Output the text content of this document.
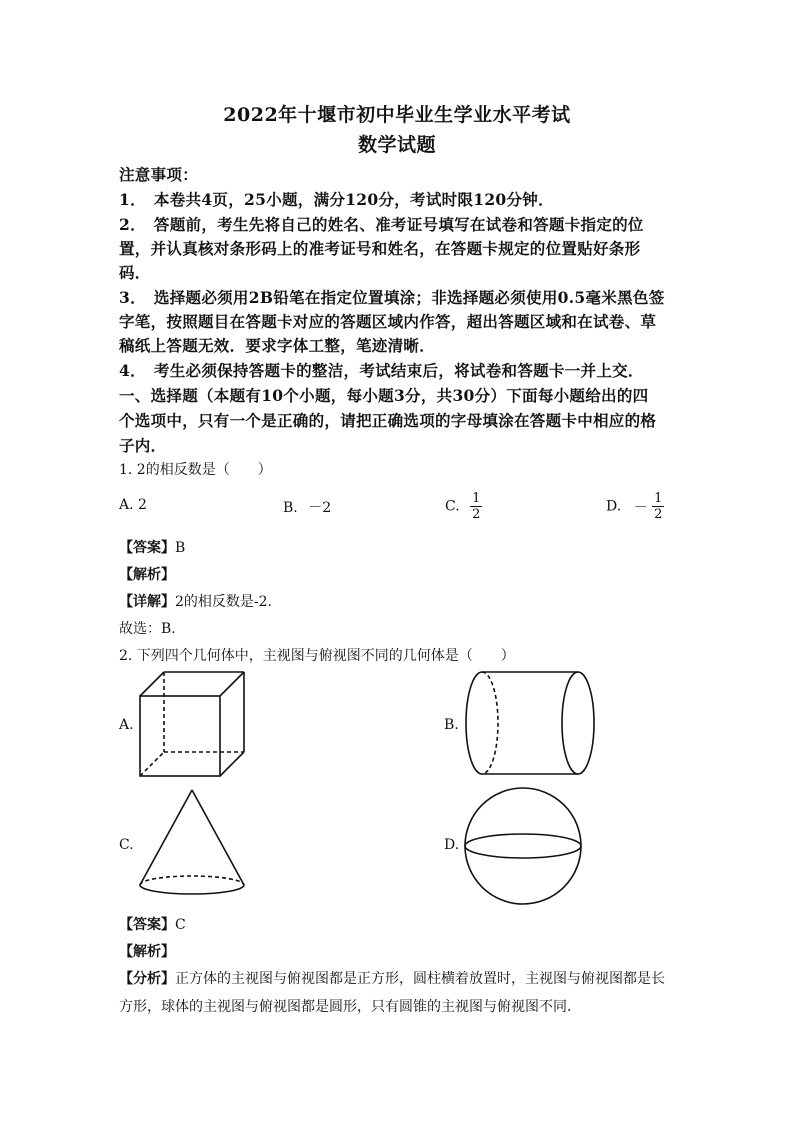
2022年十堰市初中毕业生学业水平考试
数学试题
注意事项：
1．　本卷共4页，25小题，满分120分，考试时限120分钟．
2．　答题前，考生先将自己的姓名、准考证号填写在试卷和答题卡指定的位
置，并认真核对条形码上的准考证号和姓名，在答题卡规定的位置贴好条形
码．
3．　选择题必须用2B铅笔在指定位置填涂；非选择题必须使用0.5毫米黑色签
字笔，按照题目在答题卡对应的答题区域内作答，超出答题区域和在试卷、草
稿纸上答题无效．要求字体工整，笔迹清晰．
4．　考生必须保持答题卡的整洁，考试结束后，将试卷和答题卡一并上交．
一、选择题（本题有10个小题，每小题3分，共30分）下面每小题给出的四
个选项中，只有一个是正确的，请把正确选项的字母填涂在答题卡中相应的格
子内．
1. 2的相反数是（　　）
A. 2	B. －2	C. $\frac{1}{2}$	D. － $\frac{1}{2}$
【答案】B
【解析】
【详解】2的相反数是-2.
故选：B.
2. 下列四个几何体中，主视图与俯视图不同的几何体是（　　）
A.	B.
C.	D.
【答案】C
【解析】
【分析】正方体的主视图与俯视图都是正方形，圆柱横着放置时，主视图与俯视图都是长
方形，球体的主视图与俯视图都是圆形，只有圆锥的主视图与俯视图不同．
